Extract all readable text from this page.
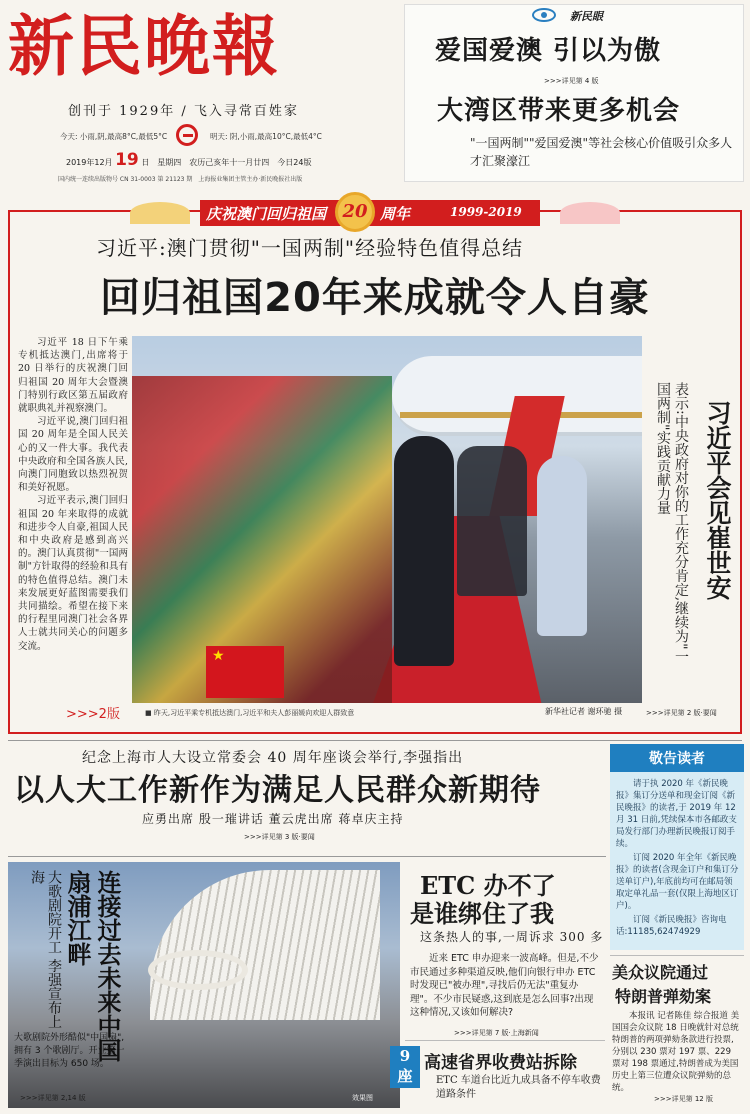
新民晚報
创刊于 1929年 / 飞入寻常百姓家
今天: 小雨,阴,最高8°C,最低5°C	明天: 阴,小雨,最高10°C,最低4°C
2019年12月 19 日　星期四　农历己亥年十一月廿四　今日24版
国内统一连续出版物号 CN 31-0003 第 21123 期　上海报业集团主管主办·新民晚报社出版
新民眼
爱国爱澳 引以为傲
>>>详见第 4 版
大湾区带来更多机会
"一国两制""爱国爱澳"等社会核心价值吸引众多人才汇聚濠江
庆祝澳门回归祖国 20 周年	1999-2019
习近平:澳门贯彻"一国两制"经验特色值得总结
回归祖国20年来成就令人自豪

习近平 18 日下午乘专机抵达澳门,出席将于 20 日举行的庆祝澳门回归祖国 20 周年大会暨澳门特别行政区第五届政府就职典礼并视察澳门。

习近平说,澳门回归祖国 20 周年是全国人民关心的又一件大事。我代表中央政府和全国各族人民,向澳门同胞致以热烈祝贺和美好祝愿。

习近平表示,澳门回归祖国 20 年来取得的成就和进步令人自豪,祖国人民和中央政府是感到高兴的。澳门认真贯彻"一国两制"方针取得的经验和具有的特色值得总结。澳门未来发展更好蓝图需要我们共同描绘。希望在接下来的行程里同澳门社会各界人士就共同关心的问题多交流。

>>>2版
★
表示:中央政府对你的工作充分肯定,继续为"一国两制"实践贡献力量	习近平会见崔世安
■ 昨天,习近平乘专机抵达澳门,习近平和夫人彭丽媛向欢迎人群致意	新华社记者 谢环驰 摄	>>>详见第 2 版·要闻
纪念上海市人大设立常委会 40 周年座谈会举行,李强指出
以人大工作新作为满足人民群众新期待
应勇出席 殷一璀讲话 董云虎出席 蒋卓庆主持
>>>详见第 3 版·要闻
敬告读者

请于执 2020 年《新民晚报》集订分送单和现金订阅《新民晚报》的读者,于 2019 年 12 月 31 日前,凭续保本市各邮政支局发行部门办理新民晚报订阅手续。

订阅 2020 年全年《新民晚报》的读者(含现金订户和集订分送单订户),年底前均可在邮局领取定单礼品一套(仅限上海地区订户)。

订阅《新民晚报》咨询电话:11185,62474929

大歌剧院开工 李强宣布上海	连接过去未来中国扇浦江畔
大歌剧院外形酷似"中国扇",拥有 3 个歌剧厅。开业第一季演出目标为 650 场。
>>>详见第 2,14 版	效果图
ETC 办不了
是谁绑住了我
这条热人的事,一周诉求 300 多

近来 ETC 申办迎来一波高峰。但是,不少市民通过多种渠道反映,他们向银行申办 ETC 时发现已"被办理",寻找后仍无法"重复办理"。不少市民疑惑,这到底是怎么回事?出现这种情况,又该如何解决?

>>>详见第 7 版·上海新闻
9
座
高速省界收费站拆除
ETC 车道台比近九成具备不停车收费道路条件
美众议院通过
特朗普弹劾案

本报讯 记者陈佳 综合报道 美国国会众议院 18 日晚就针对总统特朗普的两项弹劾条款进行投票,分别以 230 票对 197 票、229 票对 198 票通过,特朗普成为美国历史上第三位遭众议院弹劾的总统。

>>>详见第 12 版
